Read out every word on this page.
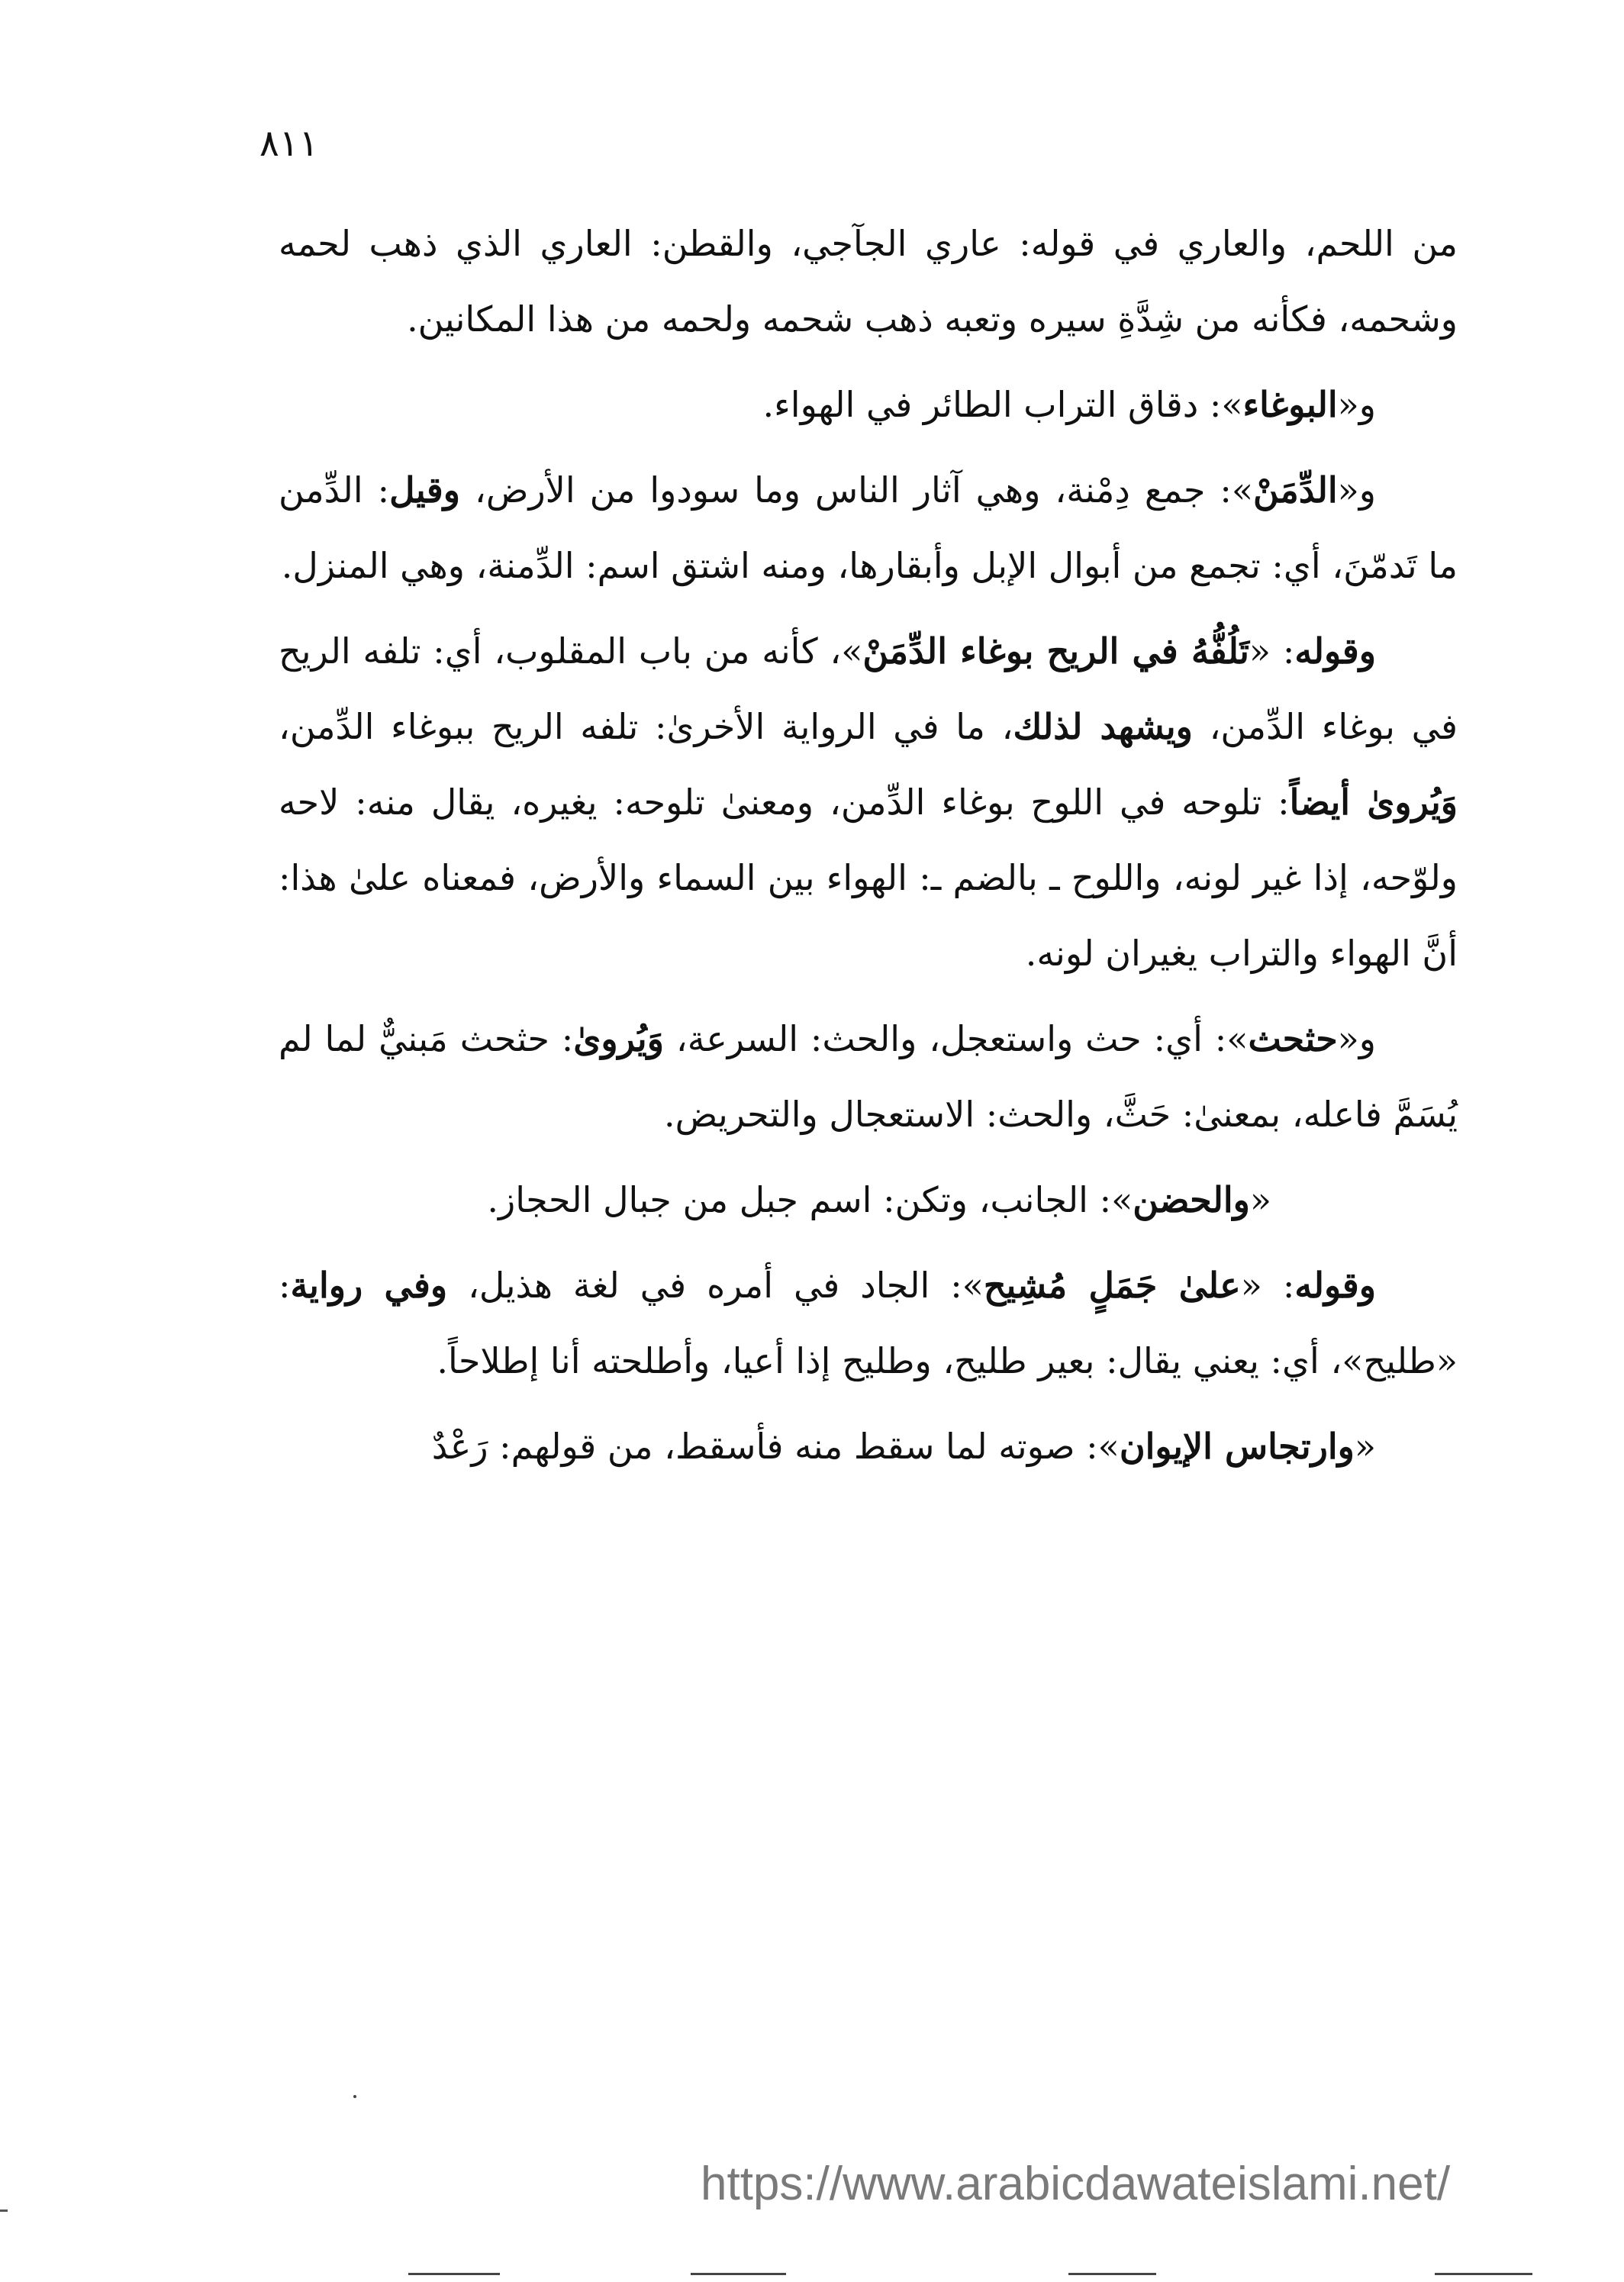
٨١١

من اللحم، والعاري في قوله: عاري الجآجي، والقطن: العاري الذي ذهب لحمه وشحمه، فكأنه من شِدَّةِ سيره وتعبه ذهب شحمه ولحمه من هذا المكانين.

و«البوغاء»: دقاق التراب الطائر في الهواء.

و«الدِّمَنْ»: جمع دِمْنة، وهي آثار الناس وما سودوا من الأرض، وقيل: الدِّمن ما تَدمّنَ، أي: تجمع من أبوال الإبل وأبقارها، ومنه اشتق اسم: الدِّمنة، وهي المنزل.

وقوله: «تَلُفُّهُ في الريح بوغاء الدِّمَنْ»، كأنه من باب المقلوب، أي: تلفه الريح في بوغاء الدِّمن، ويشهد لذلك، ما في الرواية الأخرىٰ: تلفه الريح ببوغاء الدِّمن، وَيُروىٰ أيضاً: تلوحه في اللوح بوغاء الدِّمن، ومعنىٰ تلوحه: يغيره، يقال منه: لاحه ولوّحه، إذا غير لونه، واللوح ـ بالضم ـ: الهواء بين السماء والأرض، فمعناه علىٰ هذا: أنَّ الهواء والتراب يغيران لونه.

و«حثحث»: أي: حث واستعجل، والحث: السرعة، وَيُروىٰ: حثحث مَبنيٌّ لما لم يُسَمَّ فاعله، بمعنىٰ: حَثَّ، والحث: الاستعجال والتحريض.

«والحضن»: الجانب، وتكن: اسم جبل من جبال الحجاز.

وقوله: «علىٰ جَمَلٍ مُشِيح»: الجاد في أمره في لغة هذيل، وفي رواية: «طليح»، أي: يعني يقال: بعير طليح، وطليح إذا أعيا، وأطلحته أنا إطلاحاً.

«وارتجاس الإيوان»: صوته لما سقط منه فأسقط، من قولهم: رَعْدٌ

https://www.arabicdawateislami.net/
